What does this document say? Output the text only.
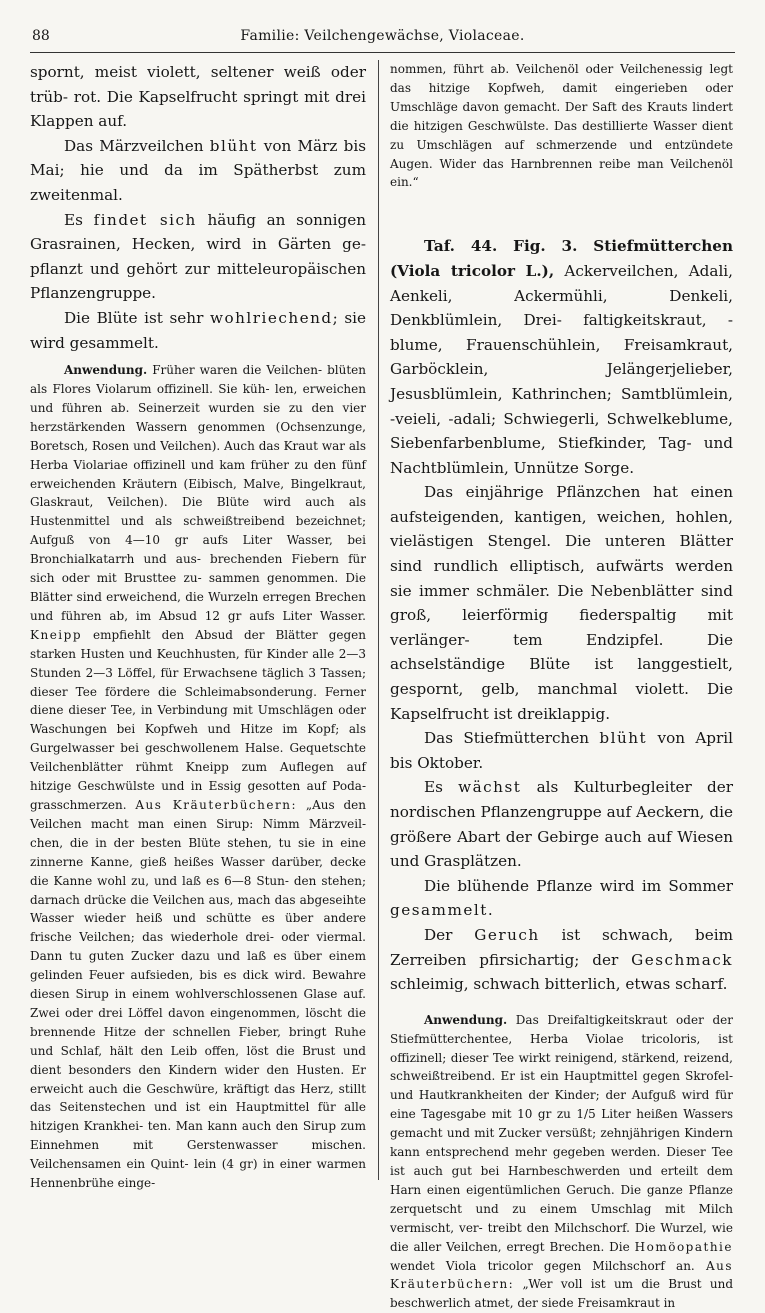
88	Familie: Veilchengewächse, Violaceae.

spornt, meist violett, seltener weiß oder trüb- rot. Die Kapselfrucht springt mit drei Klappen auf.

Das Märzveilchen blüht von März bis Mai; hie und da im Spätherbst zum zweitenmal.

Es findet sich häufig an sonnigen Grasrainen, Hecken, wird in Gärten ge- pflanzt und gehört zur mitteleuropäischen Pflanzengruppe.

Die Blüte ist sehr wohlriechend; sie wird gesammelt.

Anwendung. Früher waren die Veilchen- blüten als Flores Violarum offizinell. Sie küh- len, erweichen und führen ab. Seinerzeit wurden sie zu den vier herzstärkenden Wassern genommen (Ochsenzunge, Boretsch, Rosen und Veilchen). Auch das Kraut war als Herba Violariae offizinell und kam früher zu den fünf erweichenden Kräutern (Eibisch, Malve, Bingelkraut, Glaskraut, Veilchen). Die Blüte wird auch als Hustenmittel und als schweißtreibend bezeichnet; Aufguß von 4—10 gr aufs Liter Wasser, bei Bronchialkatarrh und aus- brechenden Fiebern für sich oder mit Brusttee zu- sammen genommen. Die Blätter sind erweichend, die Wurzeln erregen Brechen und führen ab, im Absud 12 gr aufs Liter Wasser. Kneipp empfiehlt den Absud der Blätter gegen starken Husten und Keuchhusten, für Kinder alle 2—3 Stunden 2—3 Löffel, für Erwachsene täglich 3 Tassen; dieser Tee fördere die Schleimabsonderung. Ferner diene dieser Tee, in Verbindung mit Umschlägen oder Waschungen bei Kopfweh und Hitze im Kopf; als Gurgelwasser bei geschwollenem Halse. Gequetschte Veilchenblätter rühmt Kneipp zum Auflegen auf hitzige Geschwülste und in Essig gesotten auf Poda- grasschmerzen. Aus Kräuterbüchern: „Aus den Veilchen macht man einen Sirup: Nimm Märzveil- chen, die in der besten Blüte stehen, tu sie in eine zinnerne Kanne, gieß heißes Wasser darüber, decke die Kanne wohl zu, und laß es 6—8 Stun- den stehen; darnach drücke die Veilchen aus, mach das abgeseihte Wasser wieder heiß und schütte es über andere frische Veilchen; das wiederhole drei- oder viermal. Dann tu guten Zucker dazu und laß es über einem gelinden Feuer aufsieden, bis es dick wird. Bewahre diesen Sirup in einem wohlverschlossenen Glase auf. Zwei oder drei Löffel davon eingenommen, löscht die brennende Hitze der schnellen Fieber, bringt Ruhe und Schlaf, hält den Leib offen, löst die Brust und dient besonders den Kindern wider den Husten. Er erweicht auch die Geschwüre, kräftigt das Herz, stillt das Seitenstechen und ist ein Hauptmittel für alle hitzigen Krankhei- ten. Man kann auch den Sirup zum Einnehmen mit Gerstenwasser mischen. Veilchensamen ein Quint- lein (4 gr) in einer warmen Hennenbrühe einge-

nommen, führt ab. Veilchenöl oder Veilchenessig legt das hitzige Kopfweh, damit eingerieben oder Umschläge davon gemacht. Der Saft des Krauts lindert die hitzigen Geschwülste. Das destillierte Wasser dient zu Umschlägen auf schmerzende und entzündete Augen. Wider das Harnbrennen reibe man Veilchenöl ein.“

Taf. 44. Fig. 3. Stiefmütterchen (Viola tricolor L.), Ackerveilchen, Adali, Aenkeli, Ackermühli, Denkeli, Denkblümlein, Drei- faltigkeitskraut, -blume, Frauenschühlein, Freisamkraut, Garböcklein, Jelängerjelieber, Jesusblümlein, Kathrinchen; Samtblümlein, -veieli, -adali; Schwiegerli, Schwelkeblume, Siebenfarbenblume, Stiefkinder, Tag- und Nachtblümlein, Unnütze Sorge.

Das einjährige Pflänzchen hat einen aufsteigenden, kantigen, weichen, hohlen, vielästigen Stengel. Die unteren Blätter sind rundlich elliptisch, aufwärts werden sie immer schmäler. Die Nebenblätter sind groß, leierförmig fiederspaltig mit verlänger- tem Endzipfel. Die achselständige Blüte ist langgestielt, gespornt, gelb, manchmal violett. Die Kapselfrucht ist dreiklappig.

Das Stiefmütterchen blüht von April bis Oktober.

Es wächst als Kulturbegleiter der nordischen Pflanzengruppe auf Aeckern, die größere Abart der Gebirge auch auf Wiesen und Grasplätzen.

Die blühende Pflanze wird im Sommer gesammelt.

Der Geruch ist schwach, beim Zerreiben pfirsichartig; der Geschmack schleimig, schwach bitterlich, etwas scharf.

Anwendung. Das Dreifaltigkeitskraut oder der Stiefmütterchentee, Herba Violae tricoloris, ist offizinell; dieser Tee wirkt reinigend, stärkend, reizend, schweißtreibend. Er ist ein Hauptmittel gegen Skrofel- und Hautkrankheiten der Kinder; der Aufguß wird für eine Tagesgabe mit 10 gr zu 1/5 Liter heißen Wassers gemacht und mit Zucker versüßt; zehnjährigen Kindern kann entsprechend mehr gegeben werden. Dieser Tee ist auch gut bei Harnbeschwerden und erteilt dem Harn einen eigentümlichen Geruch. Die ganze Pflanze zerquetscht und zu einem Umschlag mit Milch vermischt, ver- treibt den Milchschorf. Die Wurzel, wie die aller Veilchen, erregt Brechen. Die Homöopathie wendet Viola tricolor gegen Milchschorf an. Aus Kräuterbüchern: „Wer voll ist um die Brust und beschwerlich atmet, der siede Freisamkraut in
